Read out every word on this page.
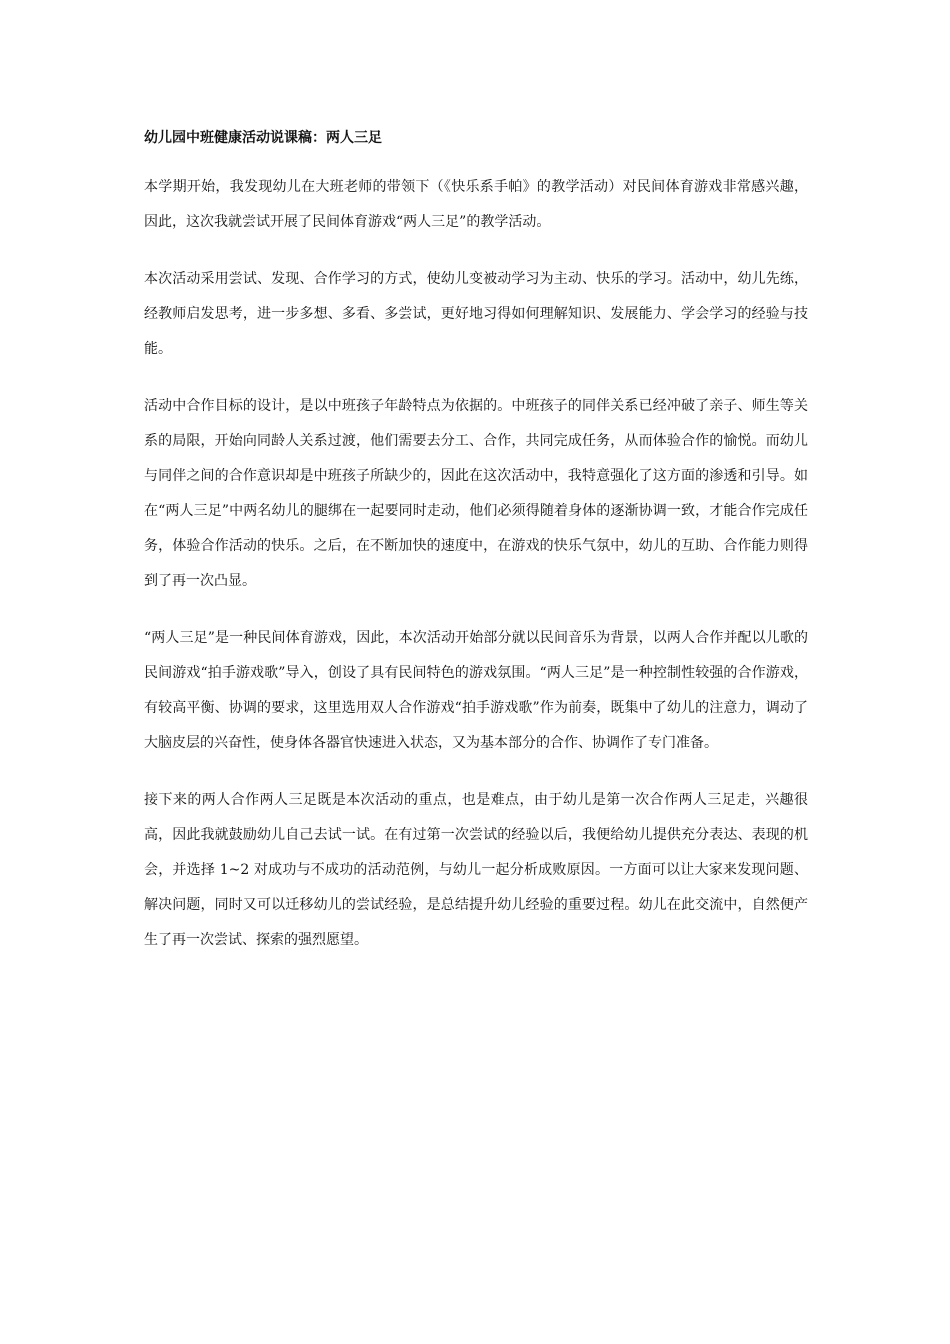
幼儿园中班健康活动说课稿：两人三足

本学期开始，我发现幼儿在大班老师的带领下（《快乐系手帕》的教学活动）对民间体育游戏非常感兴趣，因此，这次我就尝试开展了民间体育游戏“两人三足”的教学活动。

本次活动采用尝试、发现、合作学习的方式，使幼儿变被动学习为主动、快乐的学习。活动中，幼儿先练，经教师启发思考，进一步多想、多看、多尝试，更好地习得如何理解知识、发展能力、学会学习的经验与技能。

活动中合作目标的设计，是以中班孩子年龄特点为依据的。中班孩子的同伴关系已经冲破了亲子、师生等关系的局限，开始向同龄人关系过渡，他们需要去分工、合作，共同完成任务，从而体验合作的愉悦。而幼儿与同伴之间的合作意识却是中班孩子所缺少的，因此在这次活动中，我特意强化了这方面的渗透和引导。如在“两人三足”中两名幼儿的腿绑在一起要同时走动，他们必须得随着身体的逐渐协调一致，才能合作完成任务，体验合作活动的快乐。之后，在不断加快的速度中，在游戏的快乐气氛中，幼儿的互助、合作能力则得到了再一次凸显。

“两人三足”是一种民间体育游戏，因此，本次活动开始部分就以民间音乐为背景，以两人合作并配以儿歌的民间游戏“拍手游戏歌”导入，创设了具有民间特色的游戏氛围。“两人三足”是一种控制性较强的合作游戏，有较高平衡、协调的要求，这里选用双人合作游戏“拍手游戏歌”作为前奏，既集中了幼儿的注意力，调动了大脑皮层的兴奋性，使身体各器官快速进入状态，又为基本部分的合作、协调作了专门准备。

接下来的两人合作两人三足既是本次活动的重点，也是难点，由于幼儿是第一次合作两人三足走，兴趣很高，因此我就鼓励幼儿自己去试一试。在有过第一次尝试的经验以后，我便给幼儿提供充分表达、表现的机会，并选择 1~2 对成功与不成功的活动范例，与幼儿一起分析成败原因。一方面可以让大家来发现问题、解决问题，同时又可以迁移幼儿的尝试经验，是总结提升幼儿经验的重要过程。幼儿在此交流中，自然便产生了再一次尝试、探索的强烈愿望。
